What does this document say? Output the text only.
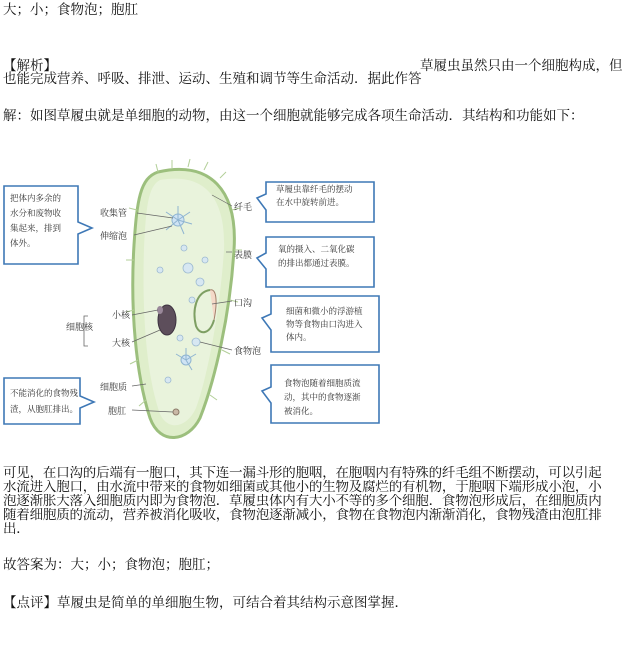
大；小；食物泡；胞肛
【解析】	草履虫虽然只由一个细胞构成，但
也能完成营养、呼吸、排泄、运动、生殖和调节等生命活动．据此作答
解：如图草履虫就是单细胞的动物，由这一个细胞就能够完成各项生命活动．其结构和功能如下：
草履虫靠纤毛的摆动
在水中旋转前进。
氧的摄入、二氧化碳
的排出都通过表膜。
细菌和微小的浮游植
物等食物由口沟进入
体内。
食物泡随着细胞质流
动，其中的食物逐渐
被消化。
把体内多余的
水分和废物收
集起来，排到
体外。
不能消化的食物残
渣，从胞肛排出。
收集管
伸缩泡
纤毛
表膜
口沟
食物泡
细胞核
小核
大核
细胞质
胞肛
可见，在口沟的后端有一胞口，其下连一漏斗形的胞咽，在胞咽内有特殊的纤毛组不断摆动，可以引起
水流进入胞口，由水流中带来的食物如细菌或其他小的生物及腐烂的有机物，于胞咽下端形成小泡，小
泡逐渐胀大落入细胞质内即为食物泡．草履虫体内有大小不等的多个细胞．食物泡形成后，在细胞质内
随着细胞质的流动，营养被消化吸收，食物泡逐渐减小，食物在食物泡内渐渐消化，食物残渣由泡肛排
出．
故答案为：大；小；食物泡；胞肛；
【点评】草履虫是简单的单细胞生物，可结合着其结构示意图掌握．
